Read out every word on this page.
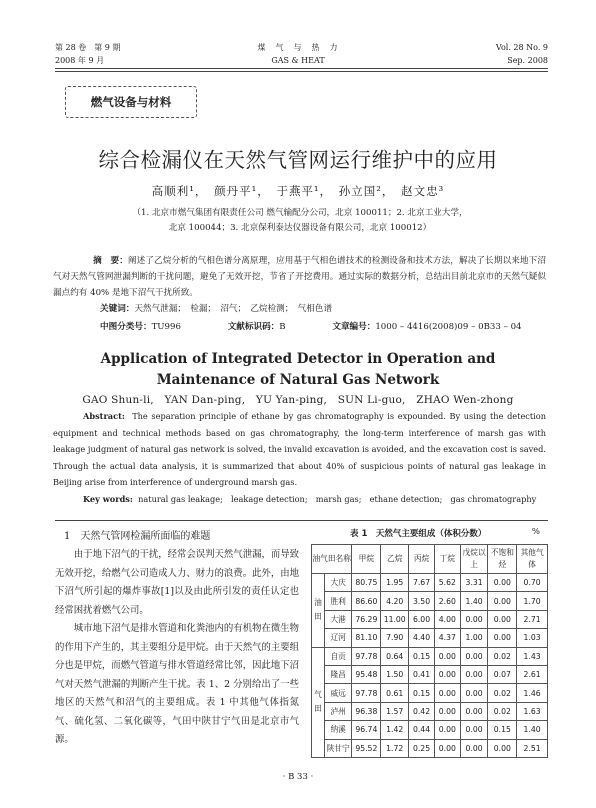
第 28 卷　第 9 期
2008 年 9 月
煤　气　与　热　力
GAS & HEAT
Vol. 28 No. 9
Sep. 2008
燃气设备与材料
综合检漏仪在天然气管网运行维护中的应用
高顺利¹，　颜丹平¹，　于燕平¹，　孙立国²，　赵文忠³
（1. 北京市燃气集团有限责任公司 燃气输配分公司，北京 100011；2. 北京工业大学，
北京 100044；3. 北京保利泰达仪器设备有限公司，北京 100012）
摘　要：阐述了乙烷分析的气相色谱分离原理，应用基于气相色谱技术的检测设备和技术方法，解决了长期以来地下沼气对天然气管网泄漏判断的干扰问题，避免了无效开挖，节省了开挖费用。通过实际的数据分析，总结出目前北京市的天然气疑似漏点约有 40% 是地下沼气干扰所致。
关键词：天然气泄漏；　检漏；　沼气；　乙烷检测；　气相色谱
中图分类号：TU996	文献标识码：B	文章编号：1000 – 4416(2008)09 – 0B33 – 04
Application of Integrated Detector in Operation and Maintenance of Natural Gas Network
GAO Shun-li,　YAN Dan-ping,　YU Yan-ping,　SUN Li-guo,　ZHAO Wen-zhong
Abstract: The separation principle of ethane by gas chromatography is expounded. By using the detection equipment and technical methods based on gas chromatography, the long-term interference of marsh gas with leakage judgment of natural gas network is solved, the invalid excavation is avoided, and the excavation cost is saved. Through the actual data analysis, it is summarized that about 40% of suspicious points of natural gas leakage in Beijing arise from interference of underground marsh gas.
Key words: natural gas leakage;　leakage detection;　marsh gas;　ethane detection;　gas chromatography
1　天然气管网检漏所面临的难题

由于地下沼气的干扰，经常会误判天然气泄漏，而导致无效开挖，给燃气公司造成人力、财力的浪费。此外，由地下沼气所引起的爆炸事故[1]以及由此所引发的责任认定也经常困扰着燃气公司。

城市地下沼气是排水管道和化粪池内的有机物在微生物的作用下产生的，其主要组分是甲烷。由于天然气的主要组分也是甲烷，而燃气管道与排水管道经常比邻，因此地下沼气对天然气泄漏的判断产生干扰。表 1、2 分别给出了一些地区的天然气和沼气的主要组成。表 1 中其他气体指氮气、硫化氢、二氧化碳等，气田中陕甘宁气田是北京市气源。

表 1　天然气主要组成（体积分数）	%
油气田名称		甲烷	乙烷	丙烷	丁烷	戊烷以上	不饱和烃	其他气体
油田	大庆	80.75	1.95	7.67	5.62	3.31	0.00	0.70
	胜利	86.60	4.20	3.50	2.60	1.40	0.00	1.70
	大港	76.29	11.00	6.00	4.00	0.00	0.00	2.71
	辽河	81.10	7.90	4.40	4.37	1.00	0.00	1.03
气田	自贡	97.78	0.64	0.15	0.00	0.00	0.02	1.43
	隆昌	95.48	1.50	0.41	0.00	0.00	0.07	2.61
	威远	97.78	0.61	0.15	0.00	0.00	0.02	1.46
	泸州	96.38	1.57	0.42	0.00	0.00	0.02	1.63
	纳溪	96.74	1.42	0.44	0.00	0.00	0.15	1.40
	陕甘宁	95.52	1.72	0.25	0.00	0.00	0.00	2.51
· B 33 ·
